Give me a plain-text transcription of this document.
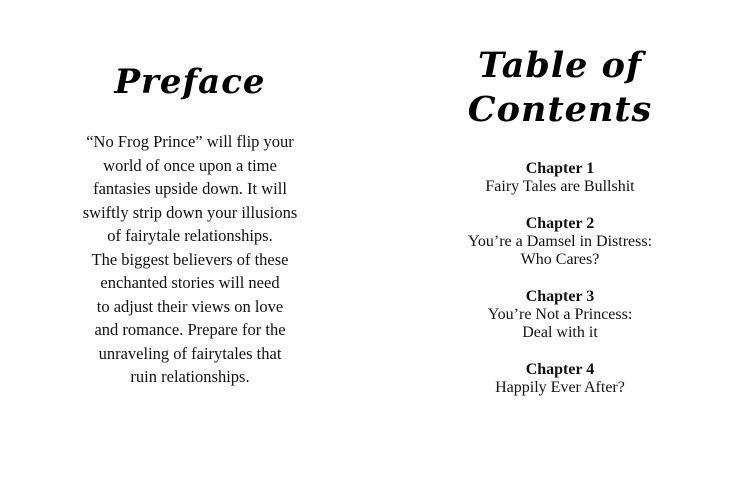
Preface
“No Frog Prince” will flip your
world of once upon a time
fantasies upside down. It will
swiftly strip down your illusions
of fairytale relationships.
The biggest believers of these
enchanted stories will need
to adjust their views on love
and romance. Prepare for the
unraveling of fairytales that
ruin relationships.
Table of
Contents
Chapter 1
Fairy Tales are Bullshit
Chapter 2
You’re a Damsel in Distress:
Who Cares?
Chapter 3
You’re Not a Princess:
Deal with it
Chapter 4
Happily Ever After?
